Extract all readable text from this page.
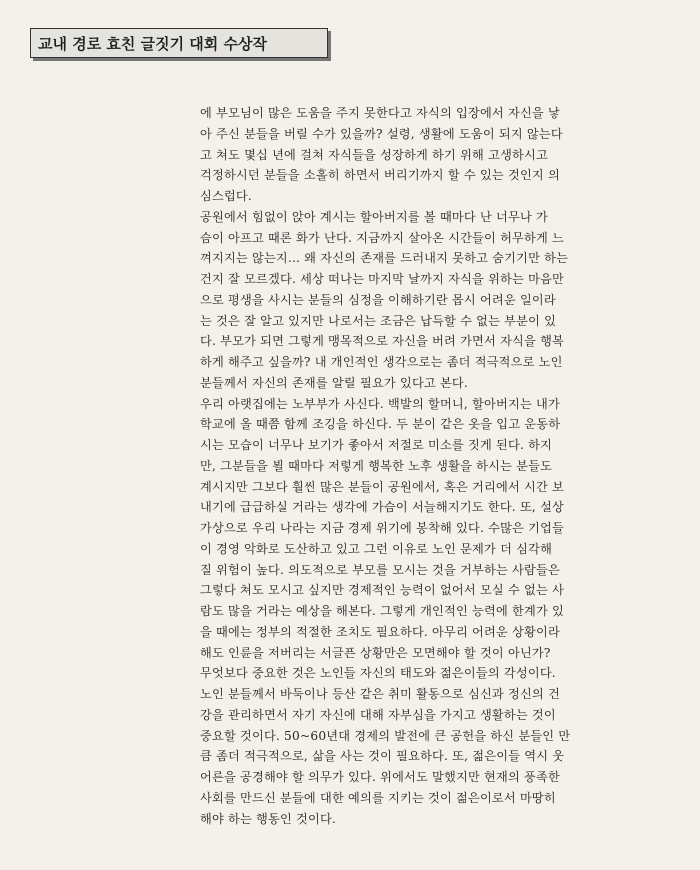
교내 경로 효친 글짓기 대회 수상작
에 부모님이 많은 도움을 주지 못한다고 자식의 입장에서 자신을 낳
아 주신 분들을 버릴 수가 있을까? 설령, 생활에 도움이 되지 않는다
고 쳐도 몇십 년에 걸쳐 자식들을 성장하게 하기 위해 고생하시고
걱정하시던 분들을 소홀히 하면서 버리기까지 할 수 있는 것인지 의
심스럽다.
공원에서 힘없이 앉아 계시는 할아버지를 볼 때마다 난 너무나 가
슴이 아프고 때론 화가 난다. 지금까지 살아온 시간들이 허무하게 느
껴지지는 않는지... 왜 자신의 존재를 드러내지 못하고 숨기기만 하는
건지 잘 모르겠다. 세상 떠나는 마지막 날까지 자식을 위하는 마음만
으로 평생을 사시는 분들의 심정을 이해하기란 몹시 어려운 일이라
는 것은 잘 알고 있지만 나로서는 조금은 납득할 수 없는 부분이 있
다. 부모가 되면 그렇게 맹목적으로 자신을 버려 가면서 자식을 행복
하게 해주고 싶을까? 내 개인적인 생각으로는 좀더 적극적으로 노인
분들께서 자신의 존재를 알릴 필요가 있다고 본다.
우리 아랫집에는 노부부가 사신다. 백발의 할머니, 할아버지는 내가
학교에 올 때쯤 함께 조깅을 하신다. 두 분이 같은 옷을 입고 운동하
시는 모습이 너무나 보기가 좋아서 저절로 미소를 짓게 된다. 하지
만, 그분들을 뵐 때마다 저렇게 행복한 노후 생활을 하시는 분들도
계시지만 그보다 훨씬 많은 분들이 공원에서, 혹은 거리에서 시간 보
내기에 급급하실 거라는 생각에 가슴이 서늘해지기도 한다. 또, 설상
가상으로 우리 나라는 지금 경제 위기에 봉착해 있다. 수많은 기업들
이 경영 악화로 도산하고 있고 그런 이유로 노인 문제가 더 심각해
질 위험이 높다. 의도적으로 부모를 모시는 것을 거부하는 사람들은
그렇다 쳐도 모시고 싶지만 경제적인 능력이 없어서 모실 수 없는 사
람도 많을 거라는 예상을 해본다. 그렇게 개인적인 능력에 한계가 있
을 때에는 정부의 적절한 조치도 필요하다. 아무리 어려운 상황이라
해도 인륜을 저버리는 서글픈 상황만은 모면해야 할 것이 아닌가?
무엇보다 중요한 것은 노인들 자신의 태도와 젊은이들의 각성이다.
노인 분들께서 바둑이나 등산 같은 취미 활동으로 심신과 정신의 건
강을 관리하면서 자기 자신에 대해 자부심을 가지고 생활하는 것이
중요할 것이다. 50~60년대 경제의 발전에 큰 공헌을 하신 분들인 만
큼 좀더 적극적으로, 삶을 사는 것이 필요하다. 또, 젊은이들 역시 웃
어른을 공경해야 할 의무가 있다. 위에서도 말했지만 현재의 풍족한
사회를 만드신 분들에 대한 예의를 지키는 것이 젊은이로서 마땅히
해야 하는 행동인 것이다.
